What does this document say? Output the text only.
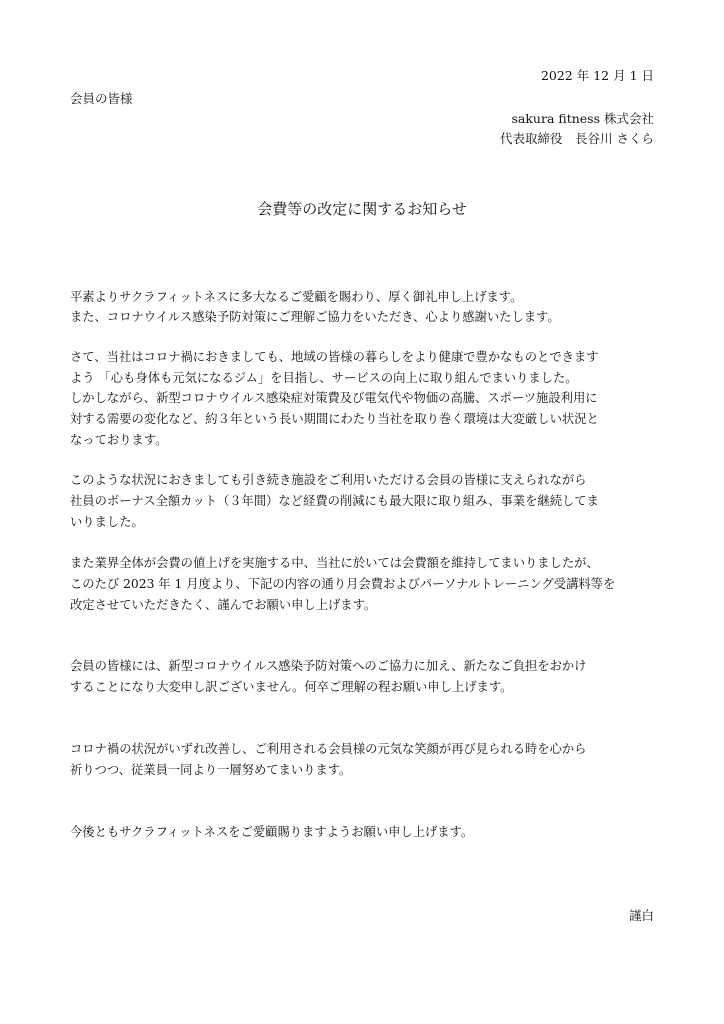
2022 年 12 月 1 日
会員の皆様
sakura fitness 株式会社
代表取締役　長谷川 さくら
会費等の改定に関するお知らせ
平素よりサクラフィットネスに多大なるご愛顧を賜わり、厚く御礼申し上げます。
また、コロナウイルス感染予防対策にご理解ご協力をいただき、心より感謝いたします。
さて、当社はコロナ禍におきましても、地域の皆様の暮らしをより健康で豊かなものとできます
よう 「心も身体も元気になるジム」を目指し、サービスの向上に取り組んでまいりました。
しかしながら、新型コロナウイルス感染症対策費及び電気代や物価の高騰、スポーツ施設利用に
対する需要の変化など、約３年という長い期間にわたり当社を取り巻く環境は大変厳しい状況と
なっております。
このような状況におきましても引き続き施設をご利用いただける会員の皆様に支えられながら
社員のボーナス全額カット（３年間）など経費の削減にも最大限に取り組み、事業を継続してま
いりました。
また業界全体が会費の値上げを実施する中、当社に於いては会費額を維持してまいりましたが、
このたび 2023 年 1 月度より、下記の内容の通り月会費およびパーソナルトレーニング受講料等を
改定させていただきたく、謹んでお願い申し上げます。
会員の皆様には、新型コロナウイルス感染予防対策へのご協力に加え、新たなご負担をおかけ
することになり大変申し訳ございません。何卒ご理解の程お願い申し上げます。
コロナ禍の状況がいずれ改善し、ご利用される会員様の元気な笑顔が再び見られる時を心から
祈りつつ、従業員一同より一層努めてまいります。
今後ともサクラフィットネスをご愛顧賜りますようお願い申し上げます。
謹白
